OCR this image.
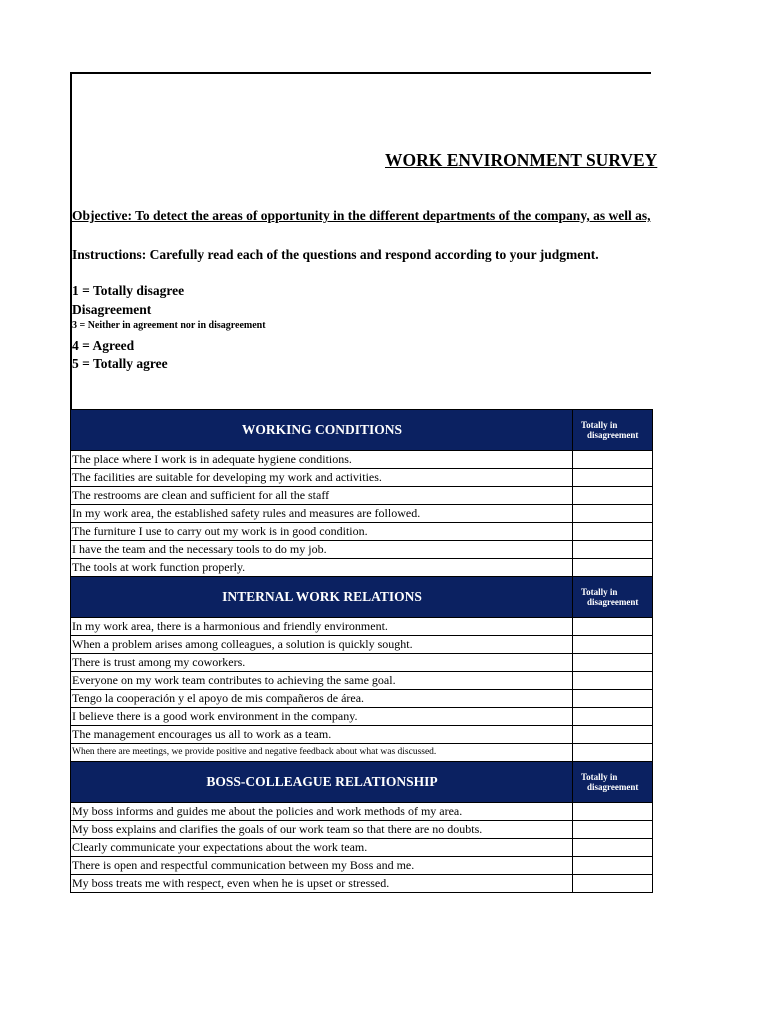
WORK ENVIRONMENT SURVEY
Objective: To detect the areas of opportunity in the different departments of the company, as well as,
Instructions: Carefully read each of the questions and respond according to your judgment.
1 = Totally disagree
Disagreement
3 = Neither in agreement nor in disagreement
4 = Agreed
5 = Totally agree
WORKING CONDITIONS	Totally in
disagreement

The place where I work is in adequate hygiene conditions.	
The facilities are suitable for developing my work and activities.	
The restrooms are clean and sufficient for all the staff	
In my work area, the established safety rules and measures are followed.	
The furniture I use to carry out my work is in good condition.	
I have the team and the necessary tools to do my job.	
The tools at work function properly.	
INTERNAL WORK RELATIONS	Totally in
disagreement

In my work area, there is a harmonious and friendly environment.	
When a problem arises among colleagues, a solution is quickly sought.	
There is trust among my coworkers.	
Everyone on my work team contributes to achieving the same goal.	
Tengo la cooperación y el apoyo de mis compañeros de área.	
I believe there is a good work environment in the company.	
The management encourages us all to work as a team.	
When there are meetings, we provide positive and negative feedback about what was discussed.	
BOSS-COLLEAGUE RELATIONSHIP	Totally in
disagreement

My boss informs and guides me about the policies and work methods of my area.	
My boss explains and clarifies the goals of our work team so that there are no doubts.	
Clearly communicate your expectations about the work team.	
There is open and respectful communication between my Boss and me.	
My boss treats me with respect, even when he is upset or stressed.	
